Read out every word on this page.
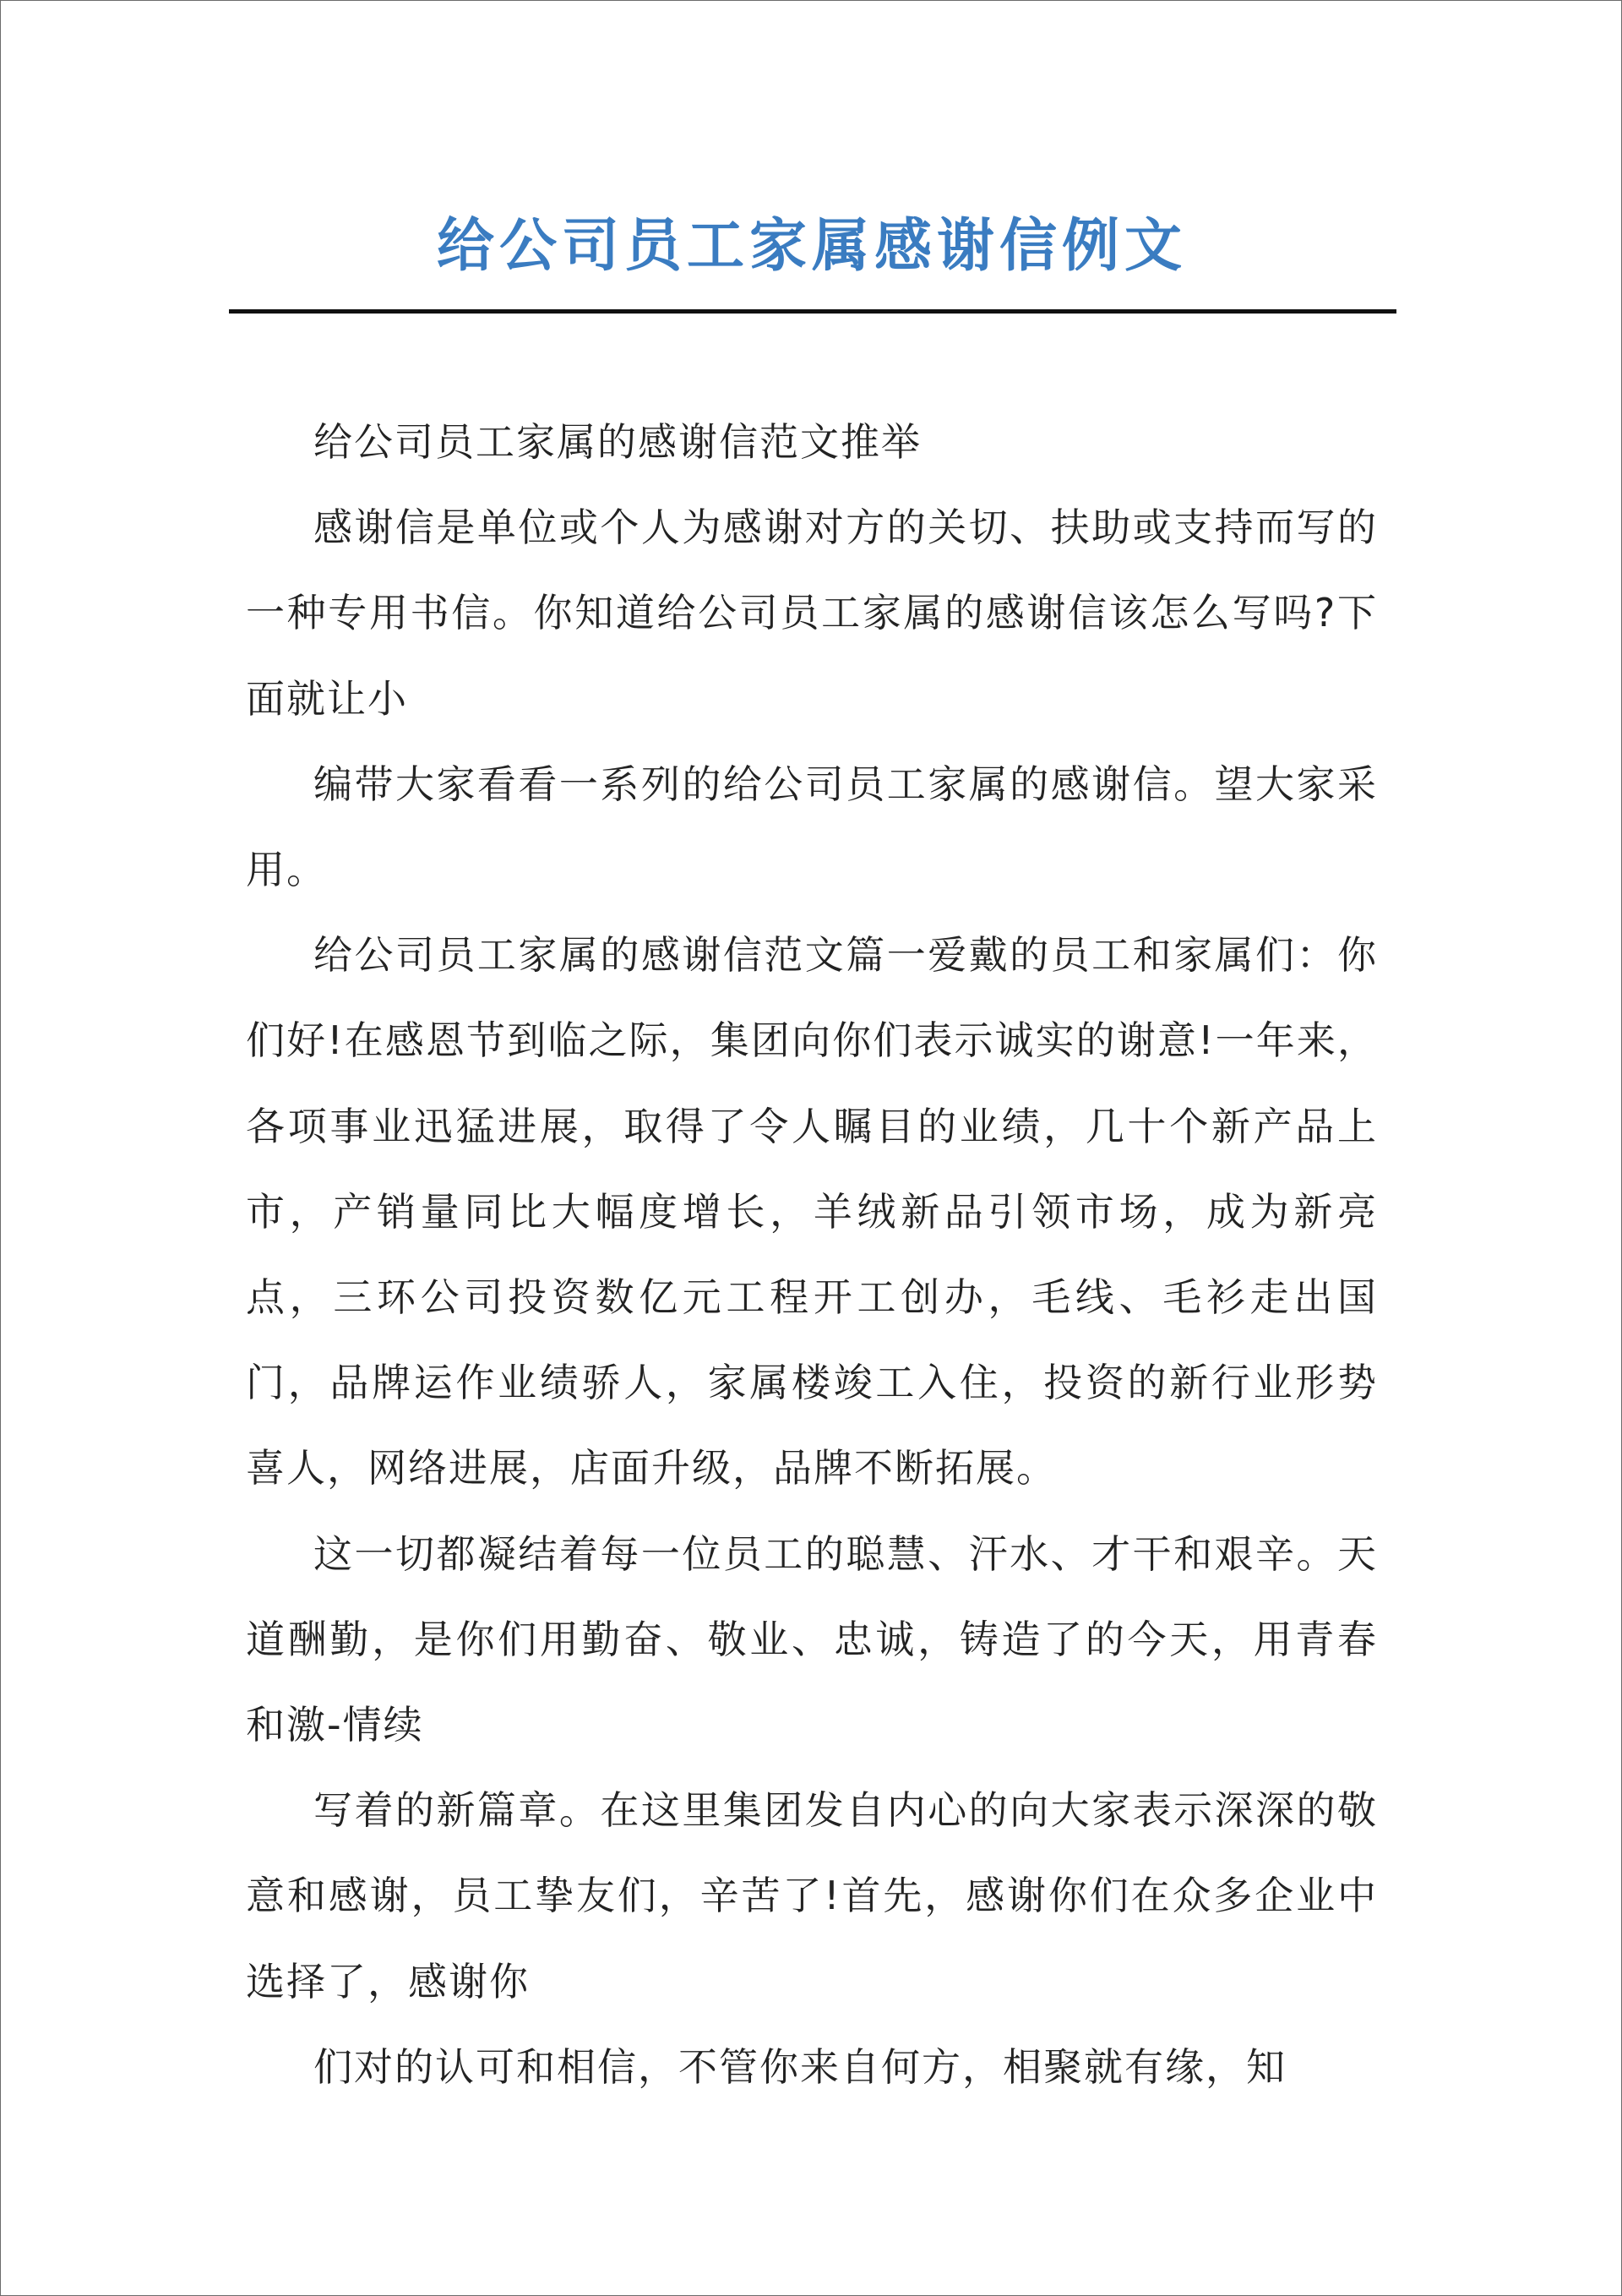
给公司员工家属感谢信例文

给公司员工家属的感谢信范文推举

感谢信是单位或个人为感谢对方的关切、扶助或支持而写的一种专用书信。你知道给公司员工家属的感谢信该怎么写吗?下面就让小

编带大家看看一系列的给公司员工家属的感谢信。望大家采用。

给公司员工家属的感谢信范文篇一爱戴的员工和家属们：你们好!在感恩节到临之际，集团向你们表示诚实的谢意!一年来，各项事业迅猛进展，取得了令人瞩目的业绩，几十个新产品上市，产销量同比大幅度增长，羊绒新品引领市场，成为新亮点，三环公司投资数亿元工程开工创办，毛线、毛衫走出国门，品牌运作业绩骄人，家属楼竣工入住，投资的新行业形势喜人，网络进展，店面升级，品牌不断拓展。

这一切都凝结着每一位员工的聪慧、汗水、才干和艰辛。天道酬勤，是你们用勤奋、敬业、忠诚，铸造了的今天，用青春和激-情续

写着的新篇章。在这里集团发自内心的向大家表示深深的敬意和感谢，员工挚友们，辛苦了!首先，感谢你们在众多企业中选择了，感谢你

们对的认可和相信，不管你来自何方，相聚就有缘，知
